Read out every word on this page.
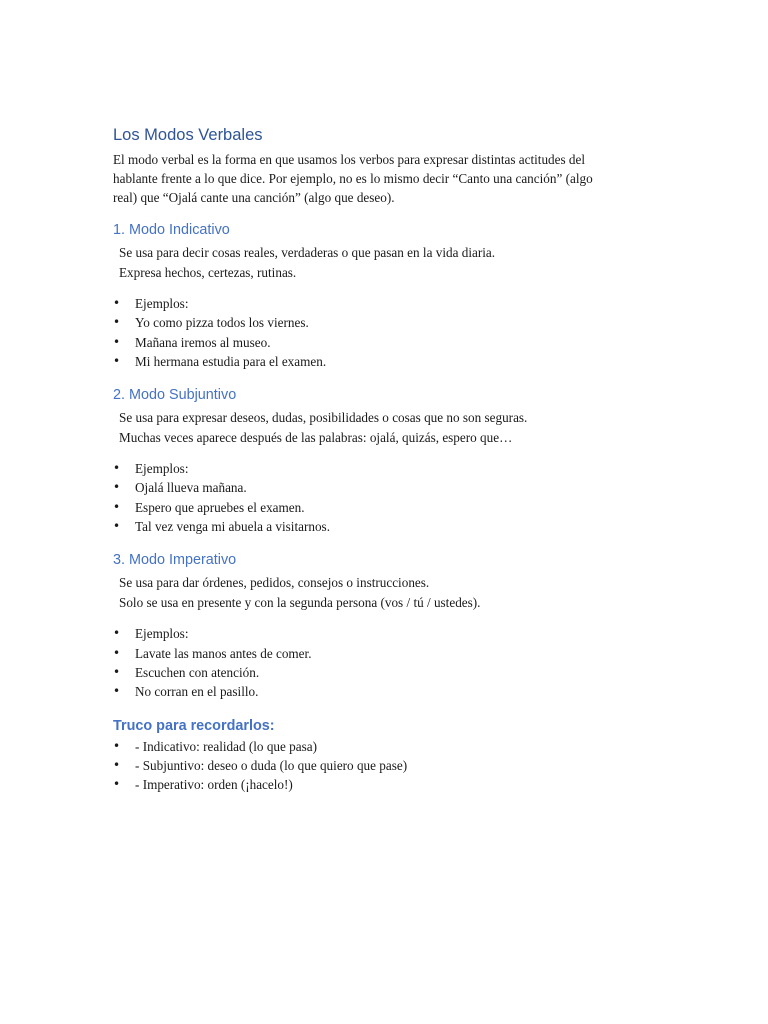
Los Modos Verbales

El modo verbal es la forma en que usamos los verbos para expresar distintas actitudes del
hablante frente a lo que dice. Por ejemplo, no es lo mismo decir “Canto una canción” (algo
real) que “Ojalá cante una canción” (algo que deseo).

1. Modo Indicativo

Se usa para decir cosas reales, verdaderas o que pasan en la vida diaria.
Expresa hechos, certezas, rutinas.

• Ejemplos:
• Yo como pizza todos los viernes.
• Mañana iremos al museo.
• Mi hermana estudia para el examen.
2. Modo Subjuntivo

Se usa para expresar deseos, dudas, posibilidades o cosas que no son seguras.
Muchas veces aparece después de las palabras: ojalá, quizás, espero que…

• Ejemplos:
• Ojalá llueva mañana.
• Espero que apruebes el examen.
• Tal vez venga mi abuela a visitarnos.
3. Modo Imperativo

Se usa para dar órdenes, pedidos, consejos o instrucciones.
Solo se usa en presente y con la segunda persona (vos / tú / ustedes).

• Ejemplos:
• Lavate las manos antes de comer.
• Escuchen con atención.
• No corran en el pasillo.
Truco para recordarlos:
• - Indicativo: realidad (lo que pasa)
• - Subjuntivo: deseo o duda (lo que quiero que pase)
• - Imperativo: orden (¡hacelo!)
